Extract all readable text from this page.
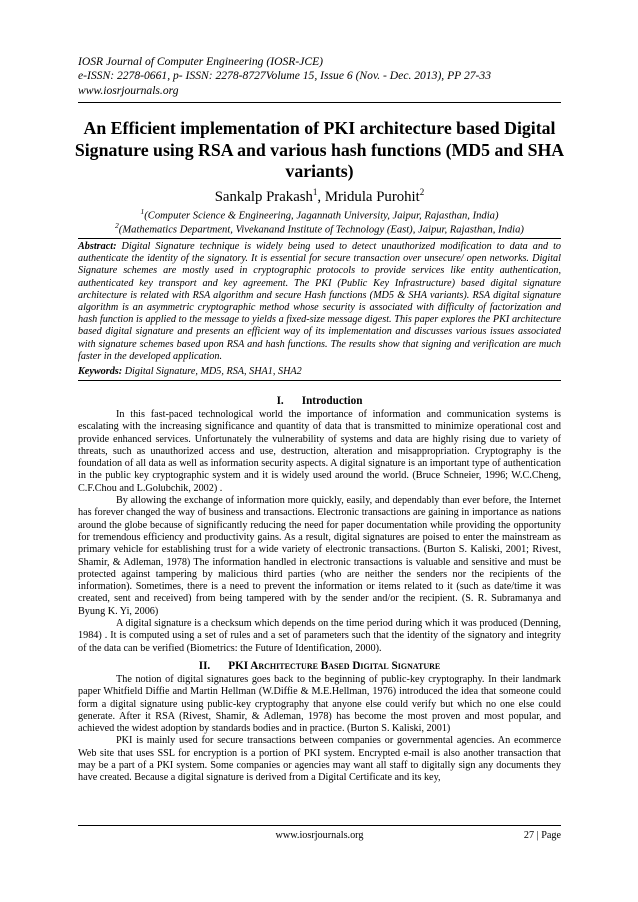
IOSR Journal of Computer Engineering (IOSR-JCE)
e-ISSN: 2278-0661, p- ISSN: 2278-8727Volume 15, Issue 6 (Nov. - Dec. 2013), PP 27-33
www.iosrjournals.org
An Efficient implementation of PKI architecture based Digital Signature using RSA and various hash functions (MD5 and SHA variants)
Sankalp Prakash$^1$, Mridula Purohit$^2$
$^1$(Computer Science & Engineering, Jagannath University, Jaipur, Rajasthan, India)
$^2$(Mathematics Department, Vivekanand Institute of Technology (East), Jaipur, Rajasthan, India)
Abstract: Digital Signature technique is widely being used to detect unauthorized modification to data and to authenticate the identity of the signatory. It is essential for secure transaction over unsecure/ open networks. Digital Signature schemes are mostly used in cryptographic protocols to provide services like entity authentication, authenticated key transport and key agreement. The PKI (Public Key Infrastructure) based digital signature architecture is related with RSA algorithm and secure Hash functions (MD5 & SHA variants). RSA digital signature algorithm is an asymmetric cryptographic method whose security is associated with difficulty of factorization and hash function is applied to the message to yields a fixed-size message digest. This paper explores the PKI architecture based digital signature and presents an efficient way of its implementation and discusses various issues associated with signature schemes based upon RSA and hash functions. The results show that signing and verification are much faster in the developed application.
Keywords: Digital Signature, MD5, RSA, SHA1, SHA2
I. Introduction

In this fast-paced technological world the importance of information and communication systems is escalating with the increasing significance and quantity of data that is transmitted to minimize operational cost and provide enhanced services. Unfortunately the vulnerability of systems and data are highly rising due to variety of threats, such as unauthorized access and use, destruction, alteration and misappropriation. Cryptography is the foundation of all data as well as information security aspects. A digital signature is an important type of authentication in the public key cryptographic system and it is widely used around the world. (Bruce Schneier, 1996; W.C.Cheng, C.F.Chou and L.Golubchik, 2002) .

By allowing the exchange of information more quickly, easily, and dependably than ever before, the Internet has forever changed the way of business and transactions. Electronic transactions are gaining in importance as nations around the globe because of significantly reducing the need for paper documentation while providing the opportunity for tremendous efficiency and productivity gains. As a result, digital signatures are poised to enter the mainstream as primary vehicle for establishing trust for a wide variety of electronic transactions. (Burton S. Kaliski, 2001; Rivest, Shamir, & Adleman, 1978) The information handled in electronic transactions is valuable and sensitive and must be protected against tampering by malicious third parties (who are neither the senders nor the recipients of the information). Sometimes, there is a need to prevent the information or items related to it (such as date/time it was created, sent and received) from being tampered with by the sender and/or the recipient. (S. R. Subramanya and Byung K. Yi, 2006)

A digital signature is a checksum which depends on the time period during which it was produced (Denning, 1984) . It is computed using a set of rules and a set of parameters such that the identity of the signatory and integrity of the data can be verified (Biometrics: the Future of Identification, 2000).

II. PKI Architecture Based Digital Signature

The notion of digital signatures goes back to the beginning of public-key cryptography. In their landmark paper Whitfield Diffie and Martin Hellman (W.Diffie & M.E.Hellman, 1976) introduced the idea that someone could form a digital signature using public-key cryptography that anyone else could verify but which no one else could generate. After it RSA (Rivest, Shamir, & Adleman, 1978) has become the most proven and most popular, and achieved the widest adoption by standards bodies and in practice. (Burton S. Kaliski, 2001)

PKI is mainly used for secure transactions between companies or governmental agencies. An ecommerce Web site that uses SSL for encryption is a portion of PKI system. Encrypted e-mail is also another transaction that may be a part of a PKI system. Some companies or agencies may want all staff to digitally sign any documents they have created. Because a digital signature is derived from a Digital Certificate and its key,

www.iosrjournals.org	27 | Page
